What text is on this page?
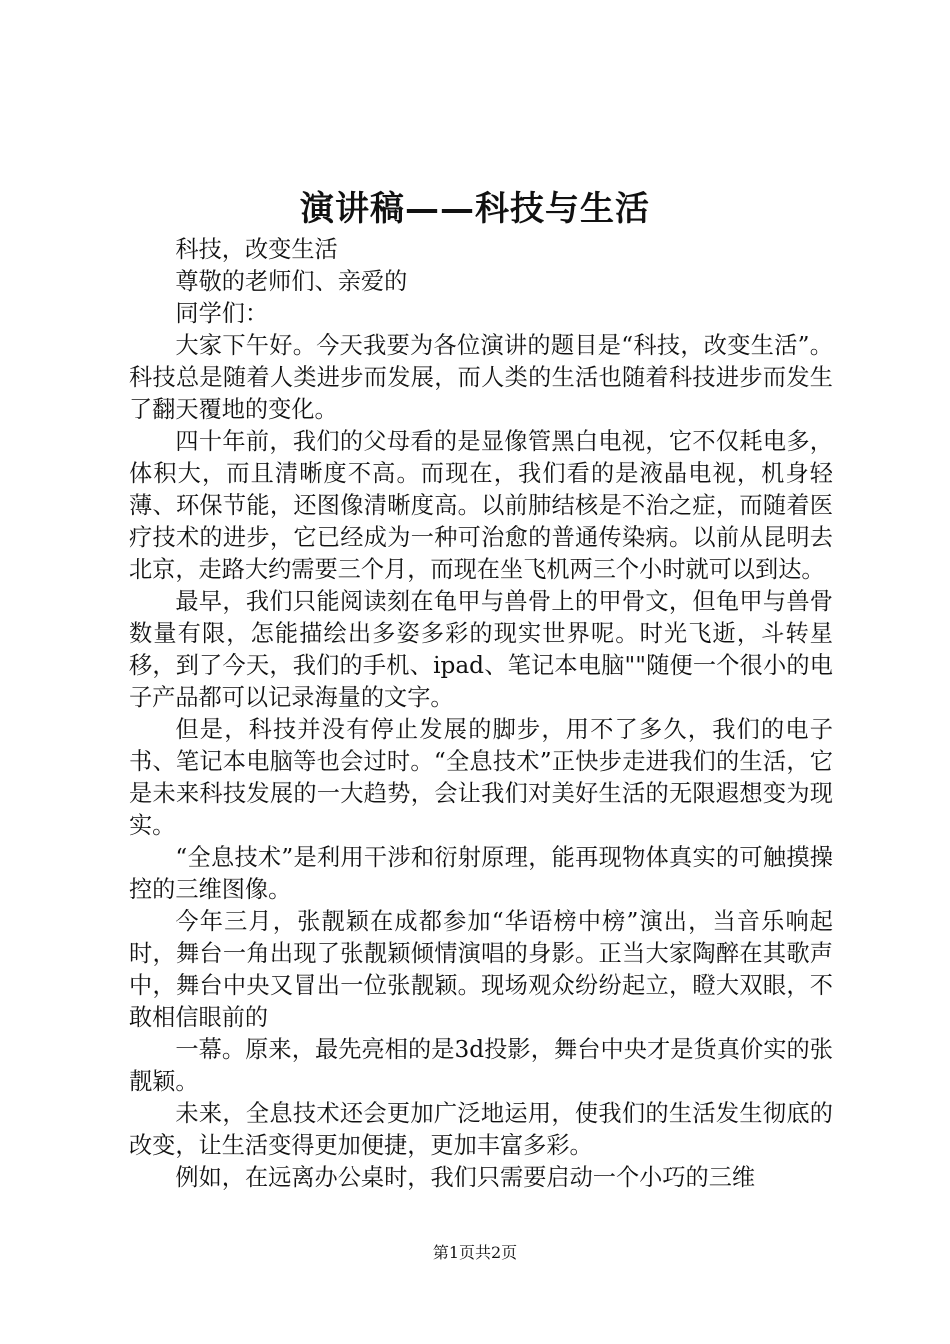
演讲稿——科技与生活

科技，改变生活

尊敬的老师们、亲爱的

同学们：

大家下午好。今天我要为各位演讲的题目是“科技，改变生活”。科技总是随着人类进步而发展，而人类的生活也随着科技进步而发生了翻天覆地的变化。

四十年前，我们的父母看的是显像管黑白电视，它不仅耗电多，体积大，而且清晰度不高。而现在，我们看的是液晶电视，机身轻薄、环保节能，还图像清晰度高。以前肺结核是不治之症，而随着医疗技术的进步，它已经成为一种可治愈的普通传染病。以前从昆明去北京，走路大约需要三个月，而现在坐飞机两三个小时就可以到达。

最早，我们只能阅读刻在龟甲与兽骨上的甲骨文，但龟甲与兽骨数量有限，怎能描绘出多姿多彩的现实世界呢。时光飞逝，斗转星移，到了今天，我们的手机、ipad、笔记本电脑""随便一个很小的电子产品都可以记录海量的文字。

但是，科技并没有停止发展的脚步，用不了多久，我们的电子书、笔记本电脑等也会过时。“全息技术”正快步走进我们的生活，它是未来科技发展的一大趋势，会让我们对美好生活的无限遐想变为现实。

“全息技术”是利用干涉和衍射原理，能再现物体真实的可触摸操控的三维图像。

今年三月，张靓颖在成都参加“华语榜中榜”演出，当音乐响起时，舞台一角出现了张靓颖倾情演唱的身影。正当大家陶醉在其歌声中，舞台中央又冒出一位张靓颖。现场观众纷纷起立，瞪大双眼，不敢相信眼前的

一幕。原来，最先亮相的是3d投影，舞台中央才是货真价实的张靓颖。

未来，全息技术还会更加广泛地运用，使我们的生活发生彻底的改变，让生活变得更加便捷，更加丰富多彩。

例如，在远离办公桌时，我们只需要启动一个小巧的三维

第1页共2页
